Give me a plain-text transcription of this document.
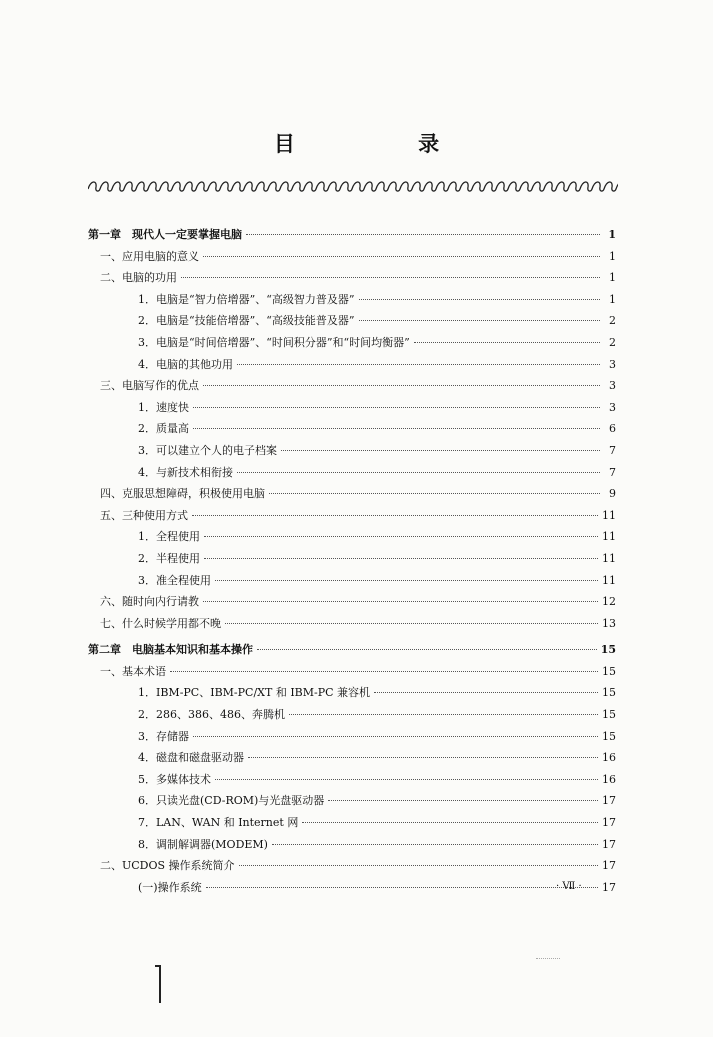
目 录
第一章　现代人一定要掌握电脑	1
一、应用电脑的意义	1
二、电脑的功用	1
1．电脑是“智力倍增器”、“高级智力普及器”	1
2．电脑是“技能倍增器”、“高级技能普及器”	2
3．电脑是“时间倍增器”、“时间积分器”和“时间均衡器”	2
4．电脑的其他功用	3
三、电脑写作的优点	3
1．速度快	3
2．质量高	6
3．可以建立个人的电子档案	7
4．与新技术相衔接	7
四、克服思想障碍，积极使用电脑	9
五、三种使用方式	11
1．全程使用	11
2．半程使用	11
3．准全程使用	11
六、随时向内行请教	12
七、什么时候学用都不晚	13
第二章　电脑基本知识和基本操作	15
一、基本术语	15
1．IBM-PC、IBM-PC/XT 和 IBM-PC 兼容机	15
2．286、386、486、奔腾机	15
3．存储器	15
4．磁盘和磁盘驱动器	16
5．多媒体技术	16
6．只读光盘(CD-ROM)与光盘驱动器	17
7．LAN、WAN 和 Internet 网	17
8．调制解调器(MODEM)	17
二、UCDOS 操作系统简介	17
(一)操作系统	17
· Ⅶ ·
